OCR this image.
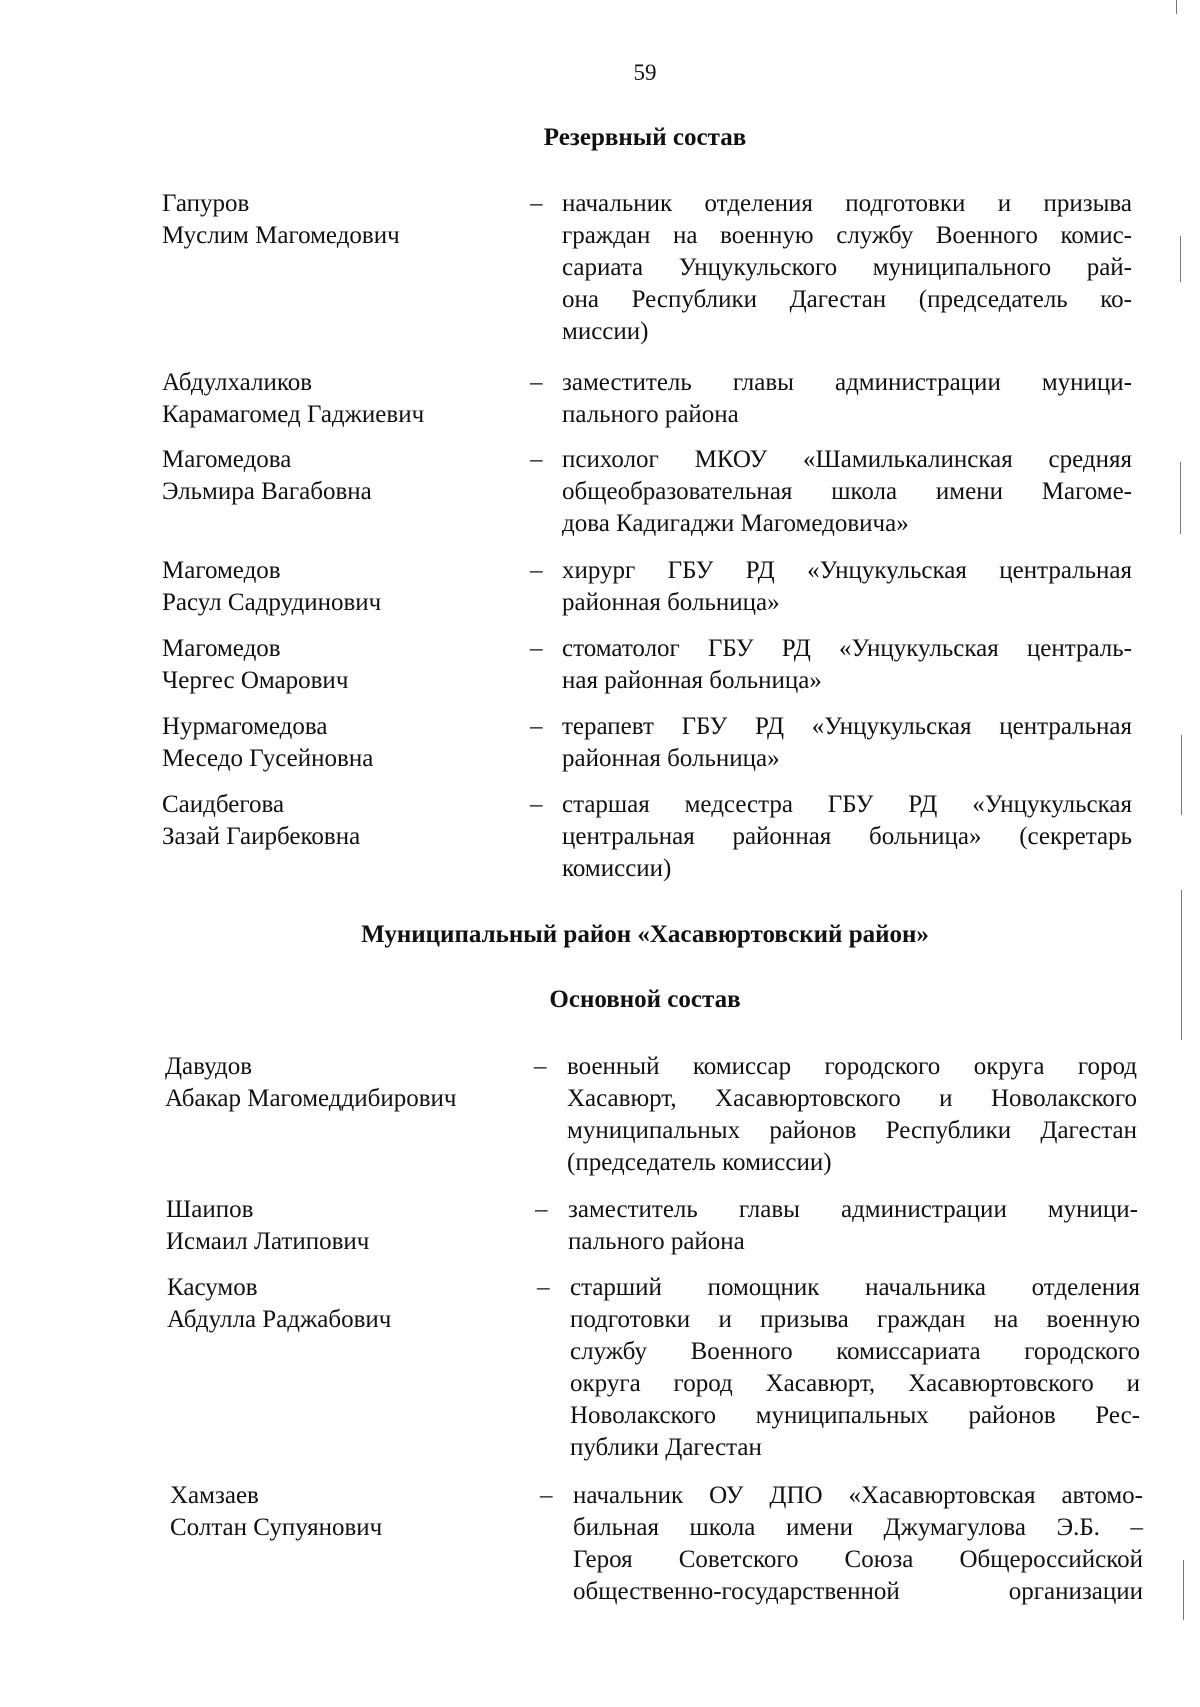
59
Резервный состав
Гапуров
Муслим Магомедович
– начальник отделения подготовки и призыва
граждан на военную службу Военного комис-
сариата Унцукульского муниципального рай-
она Республики Дагестан (председатель ко-
миссии)
Абдулхаликов
Карамагомед Гаджиевич
– заместитель главы администрации муници-
пального района
Магомедова
Эльмира Вагабовна
– психолог МКОУ «Шамилькалинская средняя
общеобразовательная школа имени Магоме-
дова Кадигаджи Магомедовича»
Магомедов
Расул Садрудинович
– хирург ГБУ РД «Унцукульская центральная
районная больница»
Магомедов
Чергес Омарович
– стоматолог ГБУ РД «Унцукульская централь-
ная районная больница»
Нурмагомедова
Меседо Гусейновна
– терапевт ГБУ РД «Унцукульская центральная
районная больница»
Саидбегова
Зазай Гаирбековна
– старшая медсестра ГБУ РД «Унцукульская
центральная районная больница» (секретарь
комиссии)
Муниципальный район «Хасавюртовский район»
Основной состав
Давудов
Абакар Магомеддибирович
– военный комиссар городского округа город
Хасавюрт, Хасавюртовского и Новолакского
муниципальных районов Республики Дагестан
(председатель комиссии)
Шаипов
Исмаил Латипович
– заместитель главы администрации муници-
пального района
Касумов
Абдулла Раджабович
– старший помощник начальника отделения
подготовки и призыва граждан на военную
службу Военного комиссариата городского
округа город Хасавюрт, Хасавюртовского и
Новолакского муниципальных районов Рес-
публики Дагестан
Хамзаев
Солтан Супуянович
– начальник ОУ ДПО «Хасавюртовская автомо-
бильная школа имени Джумагулова Э.Б. –
Героя Советского Союза Общероссийской
общественно-государственной организации
